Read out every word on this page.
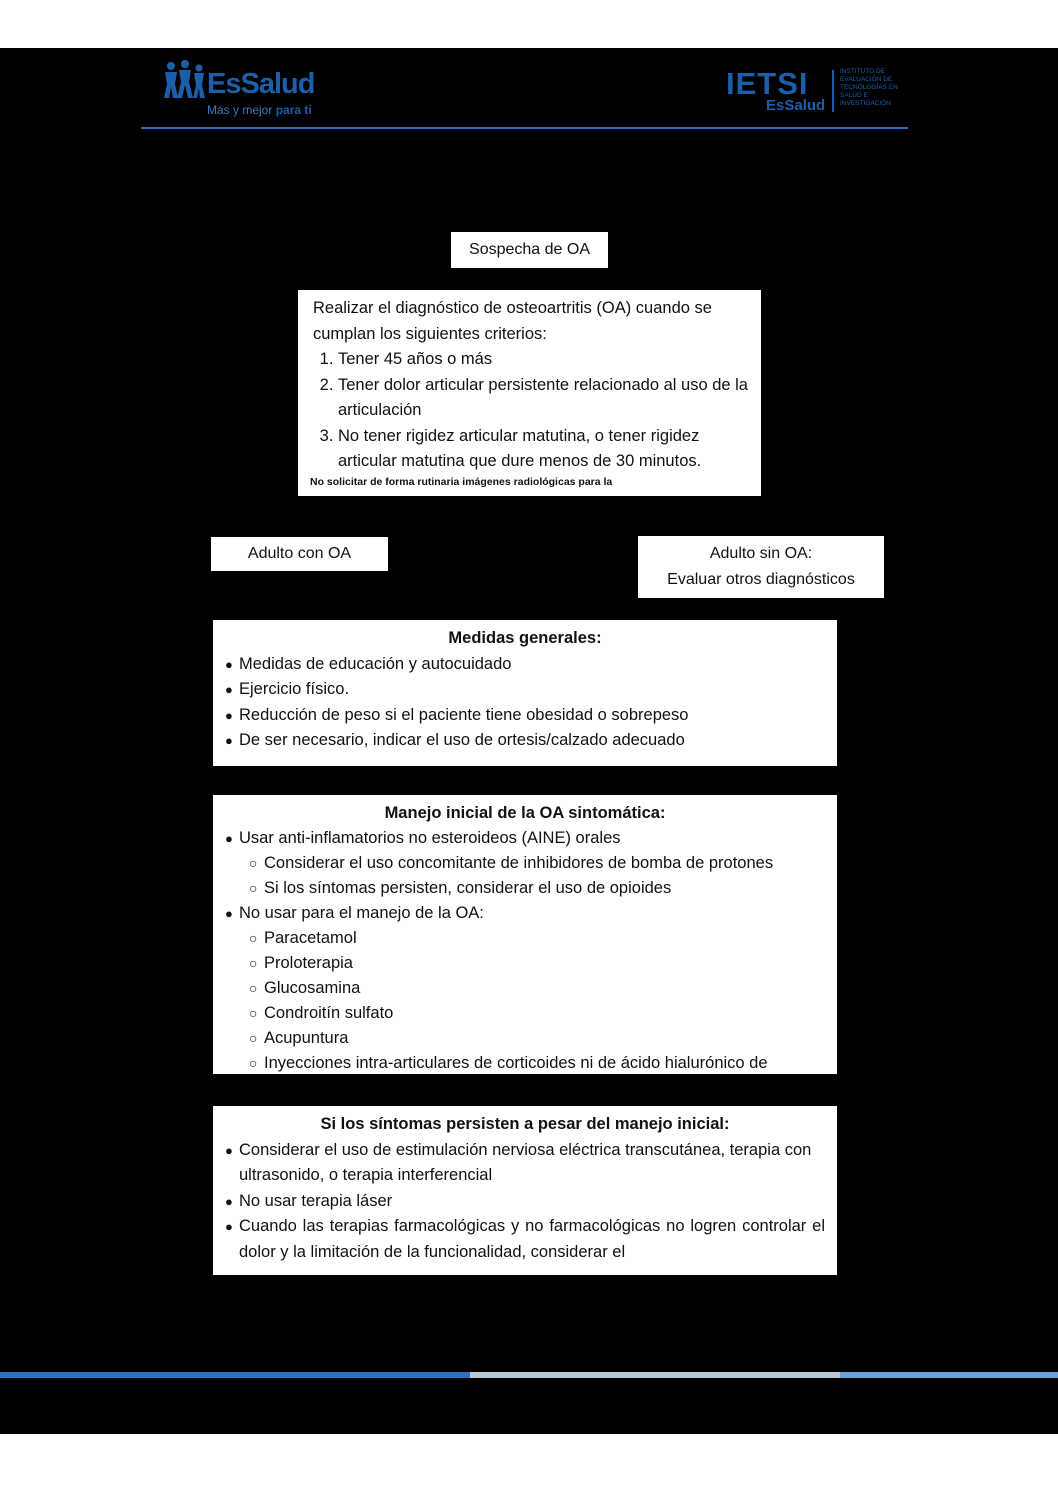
EsSalud
Más y mejor para ti
IETSI
EsSalud
INSTITUTO DE
EVALUACIÓN DE
TECNOLOGÍAS EN
SALUD E
INVESTIGACIÓN
Sospecha de OA
Realizar el diagnóstico de osteoartritis (OA) cuando se cumplan los siguientes criterios:
1. Tener 45 años o más
2. Tener dolor articular persistente relacionado al uso de la articulación
3. No tener rigidez articular matutina, o tener rigidez articular matutina que dure menos de 30 minutos.
No solicitar de forma rutinaria imágenes radiológicas para la
Adulto con OA	Adulto sin OA:
Evaluar otros diagnósticos
Medidas generales:
● Medidas de educación y autocuidado
● Ejercicio físico.
● Reducción de peso si el paciente tiene obesidad o sobrepeso
● De ser necesario, indicar el uso de ortesis/calzado adecuado
Manejo inicial de la OA sintomática:
● Usar anti-inflamatorios no esteroideos (AINE) orales
○ Considerar el uso concomitante de inhibidores de bomba de protones
○ Si los síntomas persisten, considerar el uso de opioides
● No usar para el manejo de la OA:
○ Paracetamol
○ Proloterapia
○ Glucosamina
○ Condroitín sulfato
○ Acupuntura
○ Inyecciones intra-articulares de corticoides ni de ácido hialurónico de
Si los síntomas persisten a pesar del manejo inicial:
● Considerar el uso de estimulación nerviosa eléctrica transcutánea, terapia con ultrasonido, o terapia interferencial
● No usar terapia láser
● Cuando las terapias farmacológicas y no farmacológicas no logren controlar el dolor y la limitación de la funcionalidad, considerar el
